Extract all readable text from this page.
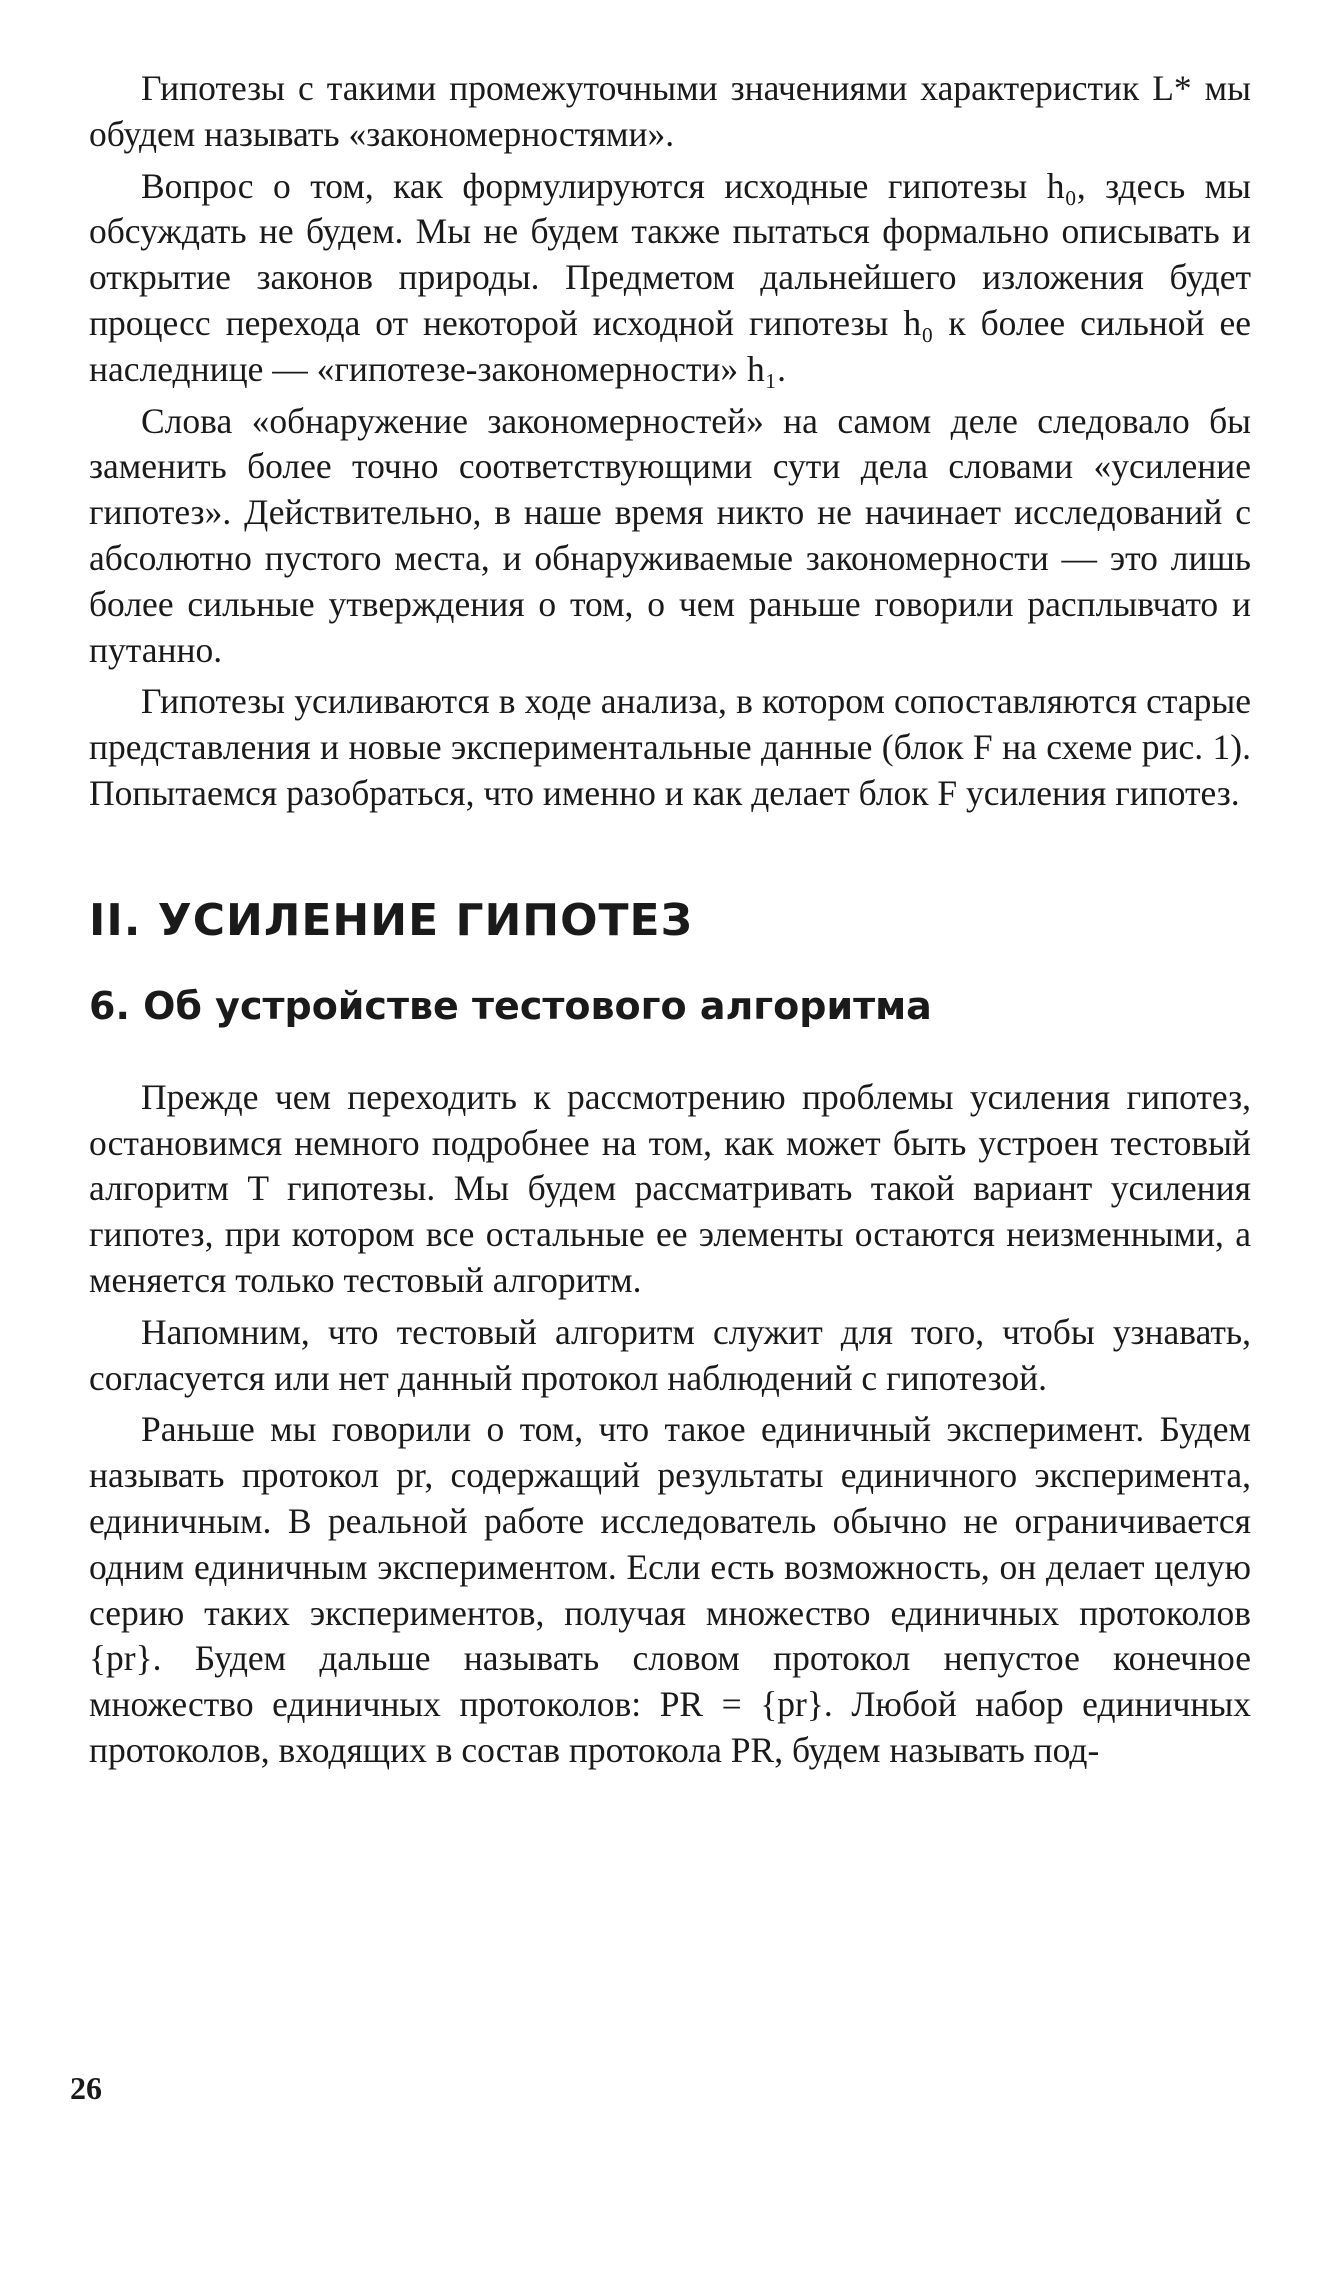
Гипотезы с такими промежуточными значениями характеристик L* мы обудем называть «закономерностями».

Вопрос о том, как формулируются исходные гипотезы h₀, здесь мы обсуждать не будем. Мы не будем также пытаться формально описывать и открытие законов природы. Предметом дальнейшего изложения будет процесс перехода от некоторой исходной гипотезы h₀ к более сильной ее наследнице — «гипотезе-закономерности» h₁.

Слова «обнаружение закономерностей» на самом деле следовало бы заменить более точно соответствующими сути дела словами «усиление гипотез». Действительно, в наше время никто не начинает исследований с абсолютно пустого места, и обнаруживаемые закономерности — это лишь более сильные утверждения о том, о чем раньше говорили расплывчато и путанно.

Гипотезы усиливаются в ходе анализа, в котором сопоставляются старые представления и новые экспериментальные данные (блок F на схеме рис. 1). Попытаемся разобраться, что именно и как делает блок F усиления гипотез.

II. УСИЛЕНИЕ ГИПОТЕЗ
6. Об устройстве тестового алгоритма

Прежде чем переходить к рассмотрению проблемы усиления гипотез, остановимся немного подробнее на том, как может быть устроен тестовый алгоритм T гипотезы. Мы будем рассматривать такой вариант усиления гипотез, при котором все остальные ее элементы остаются неизменными, а меняется только тестовый алгоритм.

Напомним, что тестовый алгоритм служит для того, чтобы узнавать, согласуется или нет данный протокол наблюдений с гипотезой.

Раньше мы говорили о том, что такое единичный эксперимент. Будем называть протокол pr, содержащий результаты единичного эксперимента, единичным. В реальной работе исследователь обычно не ограничивается одним единичным экспериментом. Если есть возможность, он делает целую серию таких экспериментов, получая множество единичных протоколов {pr}. Будем дальше называть словом протокол непустое конечное множество единичных протоколов: PR = {pr}. Любой набор единичных протоколов, входящих в состав протокола PR, будем называть под-

26
